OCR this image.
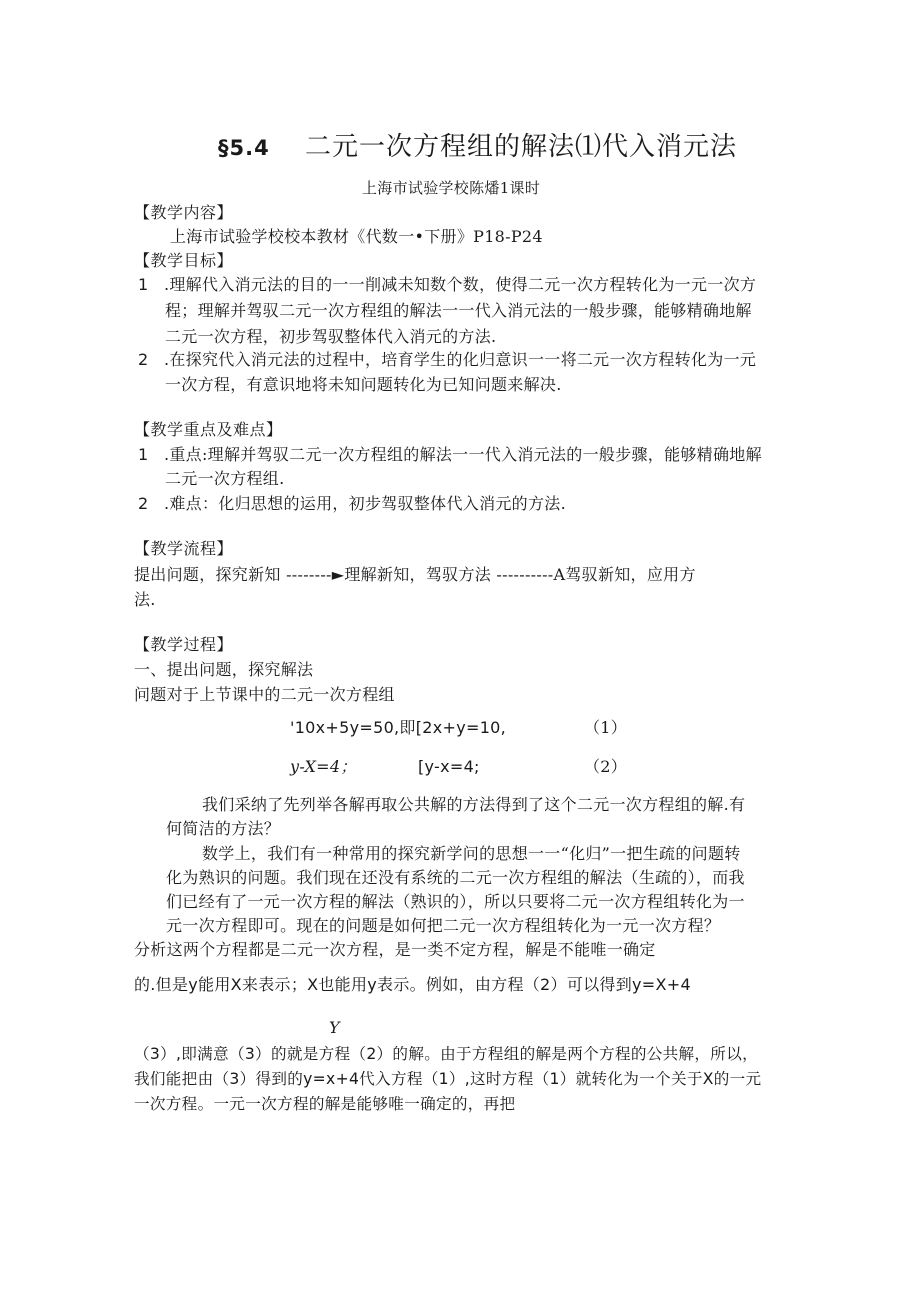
§5.4 二元一次方程组的解法⑴代入消元法
上海市试验学校陈燔1课时
【教学内容】
上海市试验学校校本教材《代数一•下册》P18-P24
【教学目标】
1 .理解代入消元法的目的一一削减未知数个数，使得二元一次方程转化为一元一次方
程；理解并驾驭二元一次方程组的解法一一代入消元法的一般步骤，能够精确地解
二元一次方程，初步驾驭整体代入消元的方法.
2 .在探究代入消元法的过程中，培育学生的化归意识一一将二元一次方程转化为一元
一次方程，有意识地将未知问题转化为已知问题来解决.
【教学重点及难点】
1 .重点:理解并驾驭二元一次方程组的解法一一代入消元法的一般步骤，能够精确地解
二元一次方程组.
2 .难点：化归思想的运用，初步驾驭整体代入消元的方法.
【教学流程】
提出问题，探究新知 --------►理解新知，驾驭方法 ----------A驾驭新知，应用方
法.
【教学过程】
一、提出问题，探究解法
问题对于上节课中的二元一次方程组
'10x+5y=50,即[2x+y=10,	（1）
y-X=4；	[y-x=4;	（2）
我们采纳了先列举各解再取公共解的方法得到了这个二元一次方程组的解.有
何简洁的方法？
数学上，我们有一种常用的探究新学问的思想一一“化归”一把生疏的问题转
化为熟识的问题。我们现在还没有系统的二元一次方程组的解法（生疏的），而我
们已经有了一元一次方程的解法（熟识的），所以只要将二元一次方程组转化为一
元一次方程即可。现在的问题是如何把二元一次方程组转化为一元一次方程？
分析这两个方程都是二元一次方程，是一类不定方程，解是不能唯一确定
的.但是y能用X来表示；X也能用y表示。例如，由方程（2）可以得到y=X+4
Y
（3）,即满意（3）的就是方程（2）的解。由于方程组的解是两个方程的公共解，所以，
我们能把由（3）得到的y=x+4代入方程（1）,这时方程（1）就转化为一个关于X的一元
一次方程。一元一次方程的解是能够唯一确定的，再把
